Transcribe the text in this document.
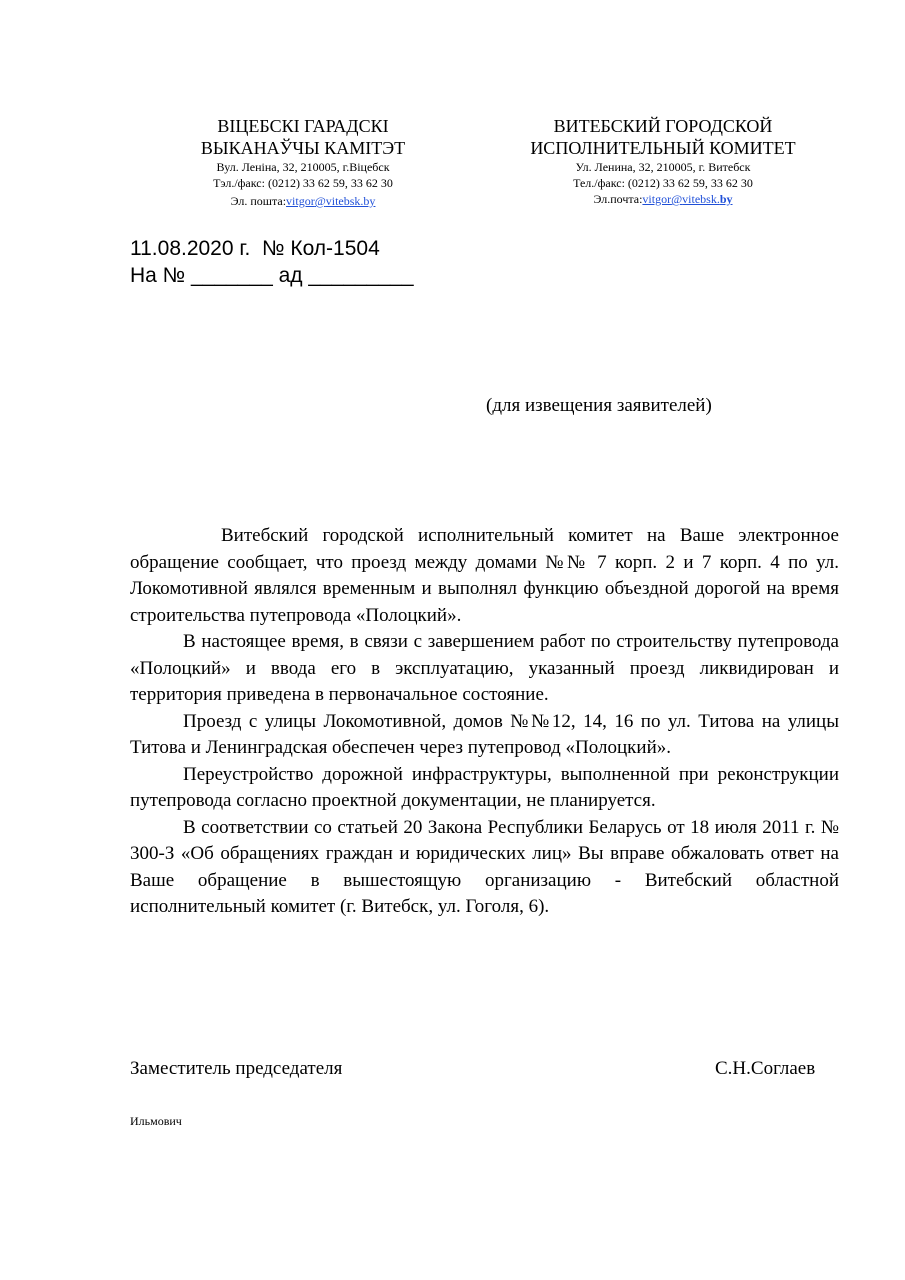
ВІЦЕБСКІ ГАРАДСКІ
ВЫКАНАЎЧЫ КАМІТЭТ
Вул. Леніна, 32, 210005, г.Віцебск
Тэл./факс: (0212) 33 62 59, 33 62 30
Эл. пошта:vitgor@vitebsk.by
ВИТЕБСКИЙ ГОРОДСКОЙ
ИСПОЛНИТЕЛЬНЫЙ КОМИТЕТ
Ул. Ленина, 32, 210005, г. Витебск
Тел./факс: (0212) 33 62 59, 33 62 30
Эл.почта:vitgor@vitebsk.by
11.08.2020 г.  № Кол-1504
На № _______ ад _________
(для извещения заявителей)

Витебский городской исполнительный комитет на Ваше электронное обращение сообщает, что проезд между домами №№ 7 корп. 2 и 7 корп. 4 по ул. Локомотивной являлся временным и выполнял функцию объездной дорогой на время строительства путепровода «Полоцкий».

В настоящее время, в связи с завершением работ по строительству путепровода «Полоцкий» и ввода его в эксплуатацию, указанный проезд ликвидирован и территория приведена в первоначальное состояние.

Проезд с улицы Локомотивной, домов №№12, 14, 16 по ул. Титова на улицы Титова и Ленинградская обеспечен через путепровод «Полоцкий».

Переустройство дорожной инфраструктуры, выполненной при реконструкции путепровода согласно проектной документации, не планируется.

В соответствии со статьей 20 Закона Республики Беларусь от 18 июля 2011 г. № 300-З «Об обращениях граждан и юридических лиц» Вы вправе обжаловать ответ на Ваше обращение в вышестоящую организацию - Витебский областной исполнительный комитет (г. Витебск, ул. Гоголя, 6).

Заместитель председателя	С.Н.Соглаев
Ильмович
